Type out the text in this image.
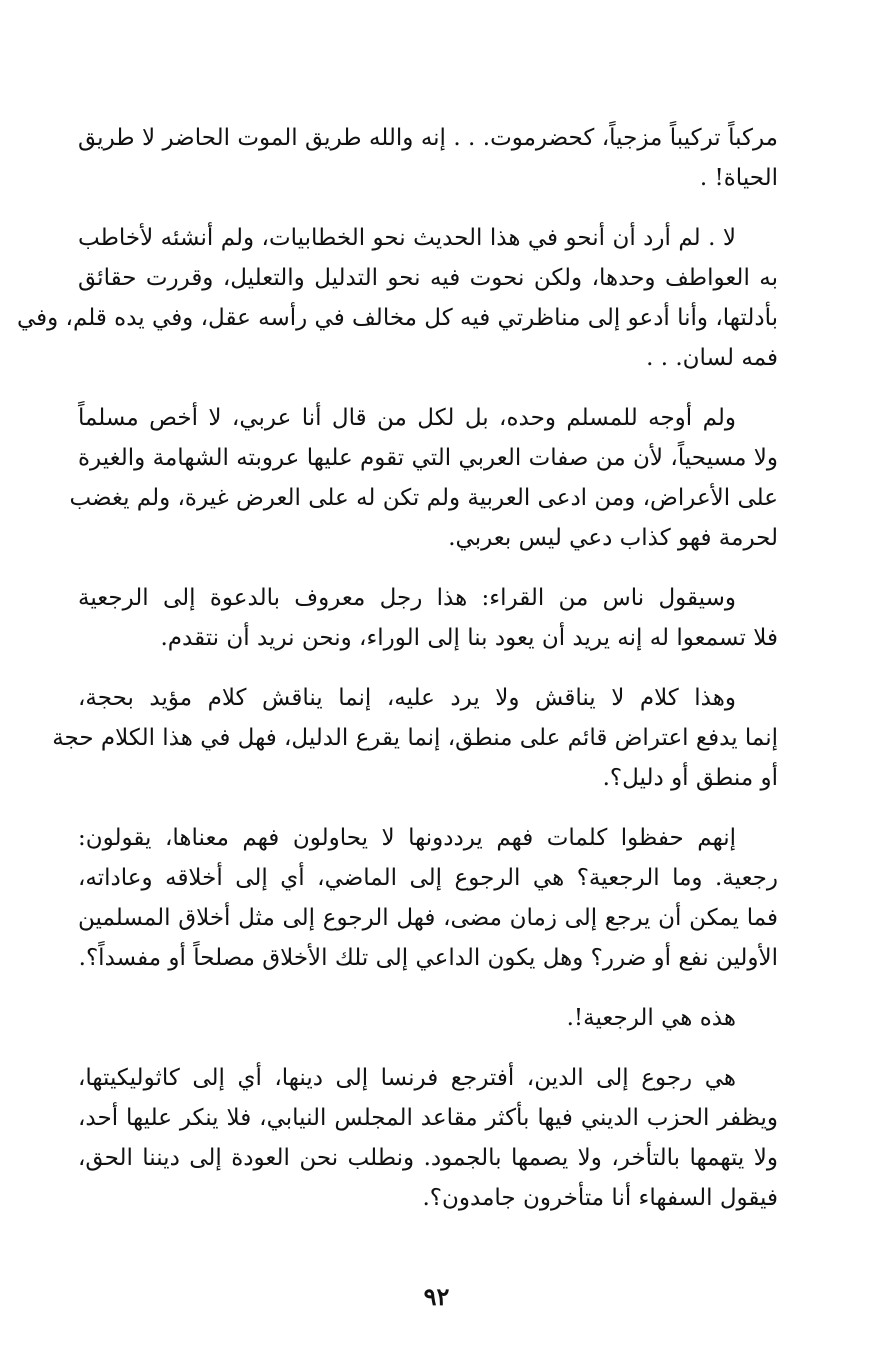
مركباً تركيباً مزجياً، كحضرموت. . . إنه والله طريق الموت الحاضر لا طريق
الحياة! .
لا . لم أرد أن أنحو في هذا الحديث نحو الخطابيات، ولم أنشئه لأخاطب
به العواطف وحدها، ولكن نحوت فيه نحو التدليل والتعليل، وقررت حقائق
بأدلتها، وأنا أدعو إلى مناظرتي فيه كل مخالف في رأسه عقل، وفي يده قلم، وفي
فمه لسان. . .
ولم أوجه للمسلم وحده، بل لكل من قال أنا عربي، لا أخص مسلماً
ولا مسيحياً، لأن من صفات العربي التي تقوم عليها عروبته الشهامة والغيرة
على الأعراض، ومن ادعى العربية ولم تكن له على العرض غيرة، ولم يغضب
لحرمة فهو كذاب دعي ليس بعربي.
وسيقول ناس من القراء: هذا رجل معروف بالدعوة إلى الرجعية
فلا تسمعوا له إنه يريد أن يعود بنا إلى الوراء، ونحن نريد أن نتقدم.
وهذا كلام لا يناقش ولا يرد عليه، إنما يناقش كلام مؤيد بحجة،
إنما يدفع اعتراض قائم على منطق، إنما يقرع الدليل، فهل في هذا الكلام حجة
أو منطق أو دليل؟.
إنهم حفظوا كلمات فهم يرددونها لا يحاولون فهم معناها، يقولون:
رجعية. وما الرجعية؟ هي الرجوع إلى الماضي، أي إلى أخلاقه وعاداته،
فما يمكن أن يرجع إلى زمان مضى، فهل الرجوع إلى مثل أخلاق المسلمين
الأولين نفع أو ضرر؟ وهل يكون الداعي إلى تلك الأخلاق مصلحاً أو مفسداً؟.
هذه هي الرجعية!.
هي رجوع إلى الدين، أفترجع فرنسا إلى دينها، أي إلى كاثوليكيتها،
ويظفر الحزب الديني فيها بأكثر مقاعد المجلس النيابي، فلا ينكر عليها أحد،
ولا يتهمها بالتأخر، ولا يصمها بالجمود. ونطلب نحن العودة إلى ديننا الحق،
فيقول السفهاء أنا متأخرون جامدون؟.
٩٢
